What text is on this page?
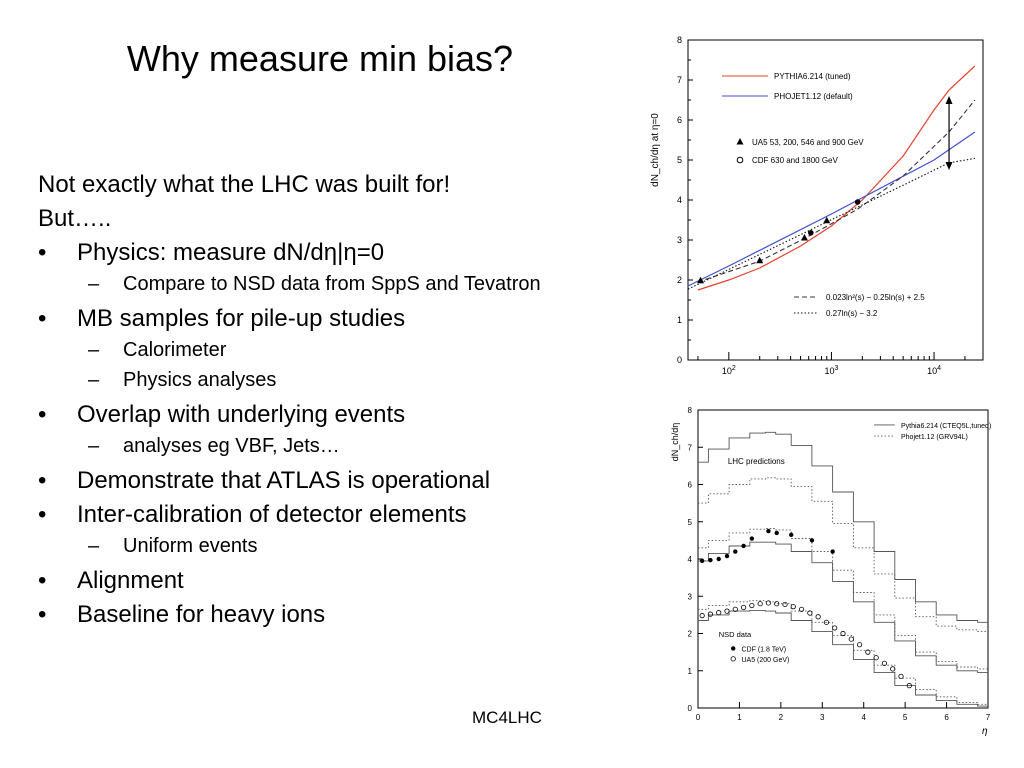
Why measure min bias?
Not exactly what the LHC was built for!
But…..
• Physics: measure dN/dη|η=0
– Compare to NSD data from SppS and Tevatron
• MB samples for pile-up studies
– Calorimeter
– Physics analyses
• Overlap with underlying events
– analyses eg VBF, Jets…
• Demonstrate that ATLAS is operational
• Inter-calibration of detector elements
– Uniform events
• Alignment
• Baseline for heavy ions
MC4LHC
0
1
2
3
4
5
6
7
8
$10^2$	$10^3$	$10^4$
dN_ch/dη at η=0
PYTHIA6.214 (tuned)
PHOJET1.12 (default)
UA5 53, 200, 546 and 900 GeV
CDF 630 and 1800 GeV
0.023ln²(s) − 0.25ln(s) + 2.5
0.27ln(s) − 3.2
0
1
2
3
4
5
6
7
8
0	1	2	3	4	5	6	7
η
dN_ch/dη
LHC predictions
NSD data
Pythia6.214 (CTEQ5L,tuned)
Phojet1.12 (GRV94L)
CDF (1.8 TeV)
UA5 (200 GeV)
